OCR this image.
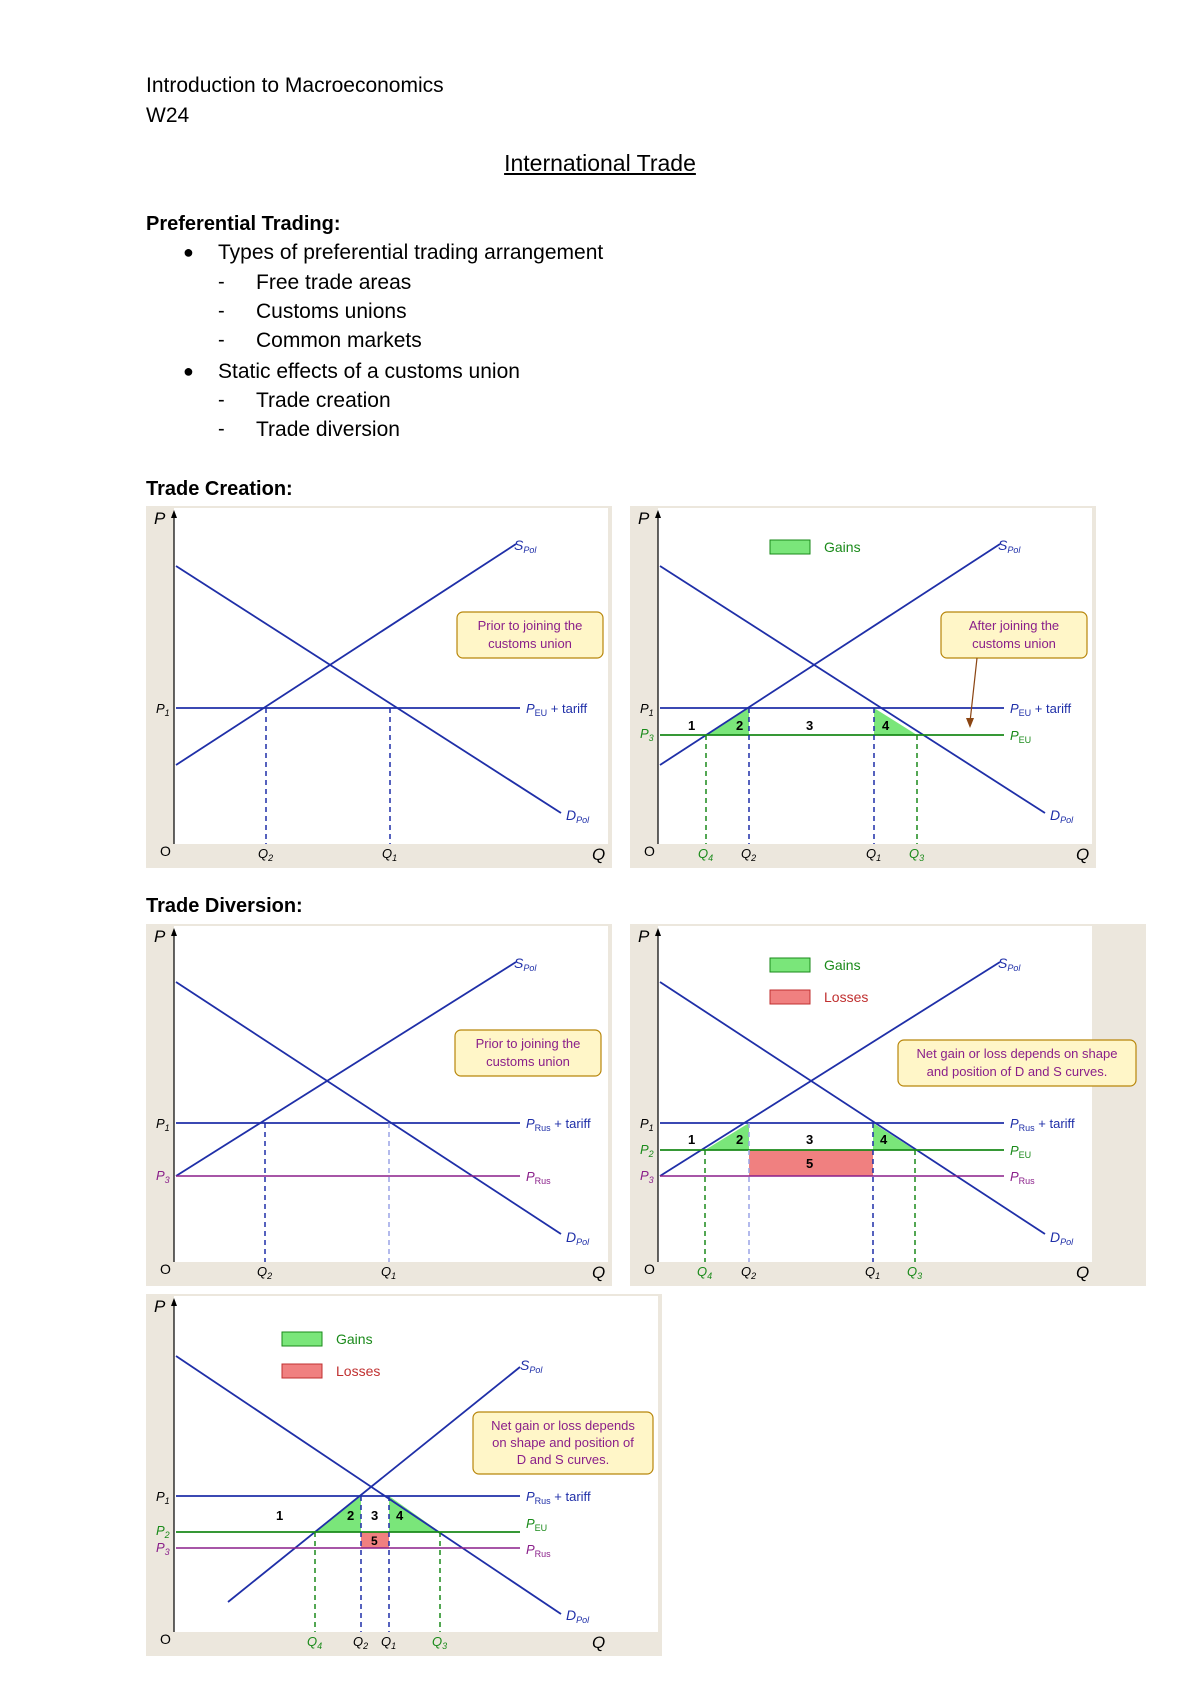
Introduction to Macroeconomics
W24
International Trade
Preferential Trading:
● Types of preferential trading arrangement
- Free trade areas
- Customs unions
- Common markets
● Static effects of a customs union
- Trade creation
- Trade diversion
Trade Creation:
P
O	Q
$P_1$	$P_{EU}$ + tariff
$S_{Pol}$
$D_{Pol}$
$Q_2$	$Q_1$
Prior to joining the
customs union
P
O	Q
1	2	3	4
$P_1$
$P_3$
$P_{EU}$ + tariff
$P_{EU}$
$S_{Pol}$
$D_{Pol}$
$Q_4$ $Q_2$	$Q_1$ $Q_3$
Gains
After joining the
customs union
Trade Diversion:
P
O	Q
$P_1$
$P_3$
$P_{Rus}$ + tariff
$P_{Rus}$
$S_{Pol}$
$D_{Pol}$
$Q_2$	$Q_1$
Prior to joining the
customs union
P
O	Q
1	2	3	4
5
$P_1$
$P_2$
$P_3$
$P_{Rus}$ + tariff
$P_{EU}$
$P_{Rus}$
$S_{Pol}$
$D_{Pol}$
$Q_4$ $Q_2$	$Q_1$ $Q_3$
Gains
Losses
Net gain or loss depends on shape
and position of D and S curves.
P
O	Q
1	2 3 4
5
$P_1$
$P_2$
$P_3$
$P_{Rus}$ + tariff
$P_{EU}$
$P_{Rus}$
$S_{Pol}$
$D_{Pol}$
$Q_4$ $Q_2$ $Q_1$	$Q_3$
Gains
Losses
Net gain or loss depends
on shape and position of
D and S curves.
